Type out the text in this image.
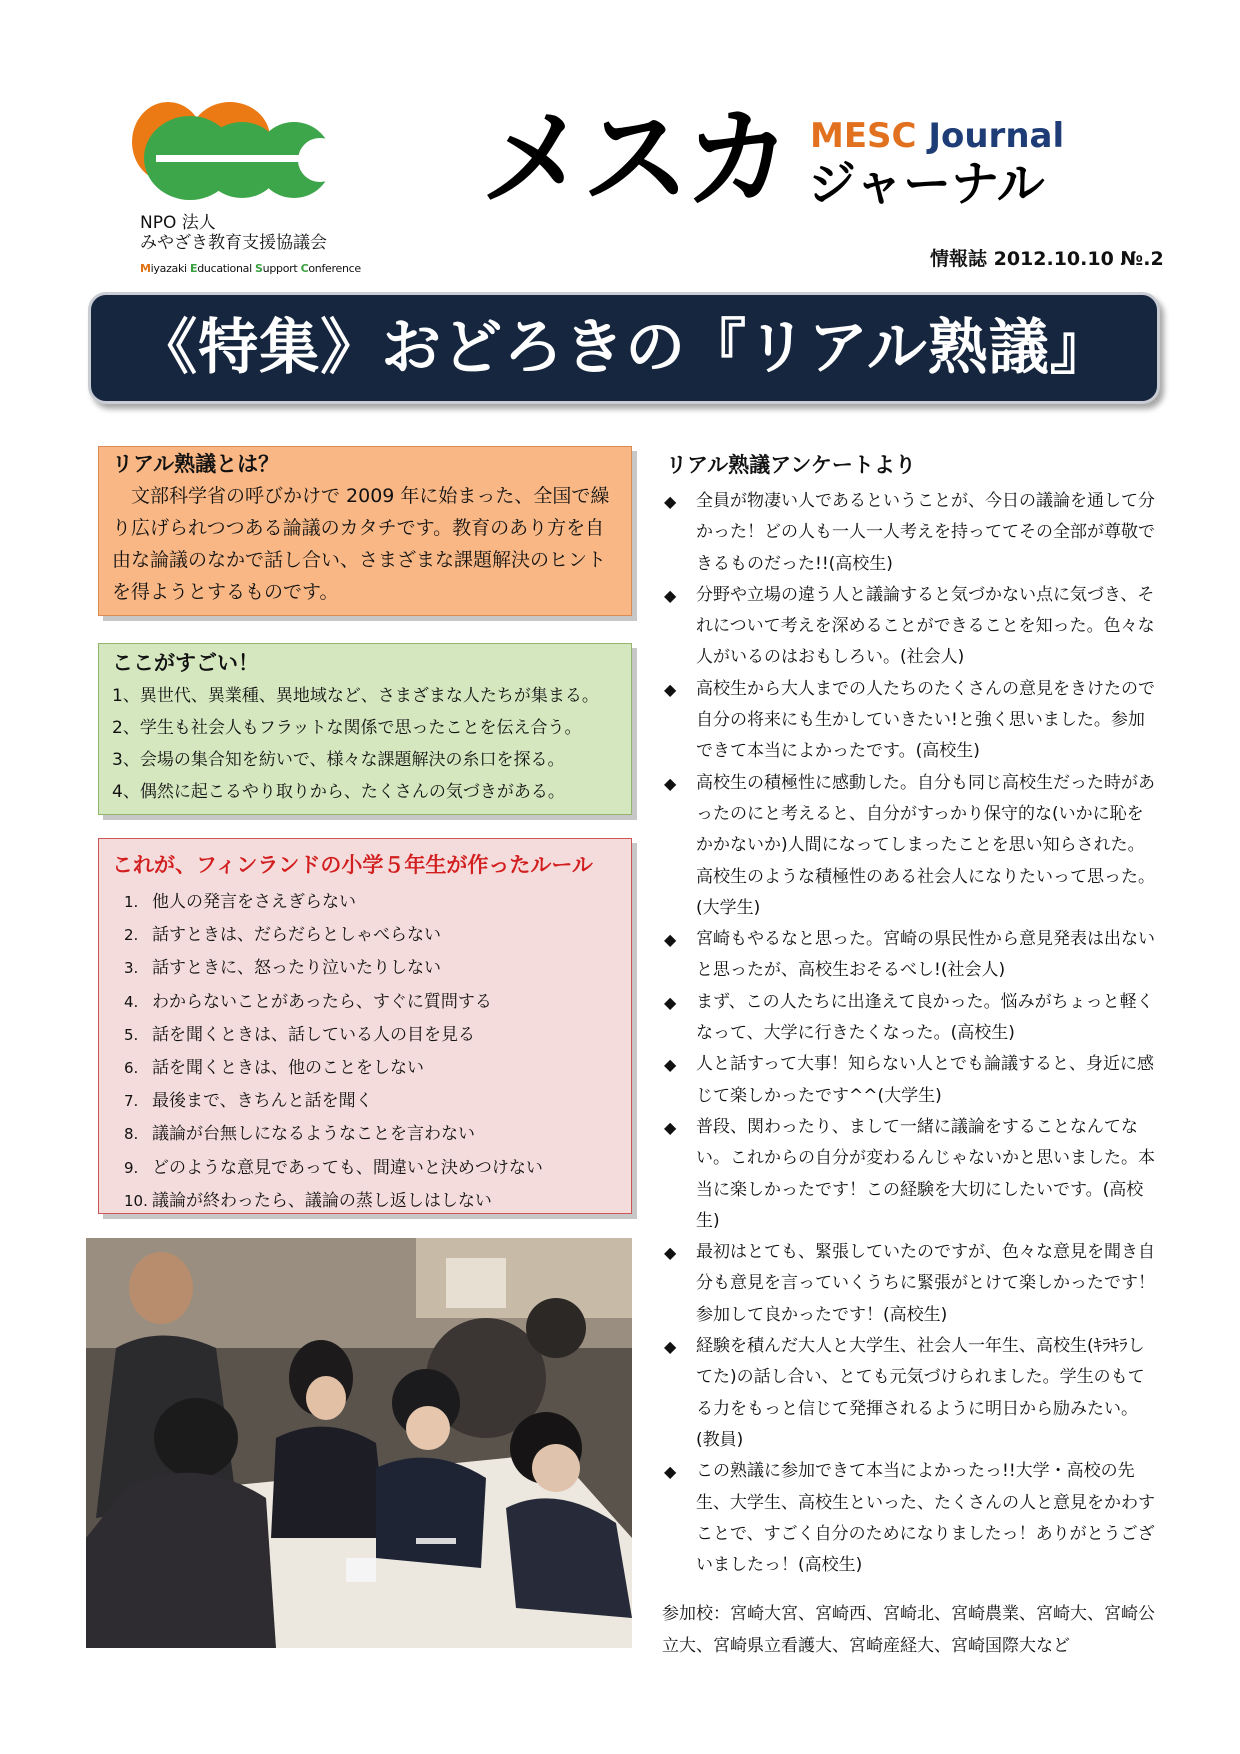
NPO 法人
みやざき教育支援協議会
Miyazaki Educational Support Conference
メスカ MESC Journal
ジャーナル
情報誌 2012.10.10 №.2
《特集》おどろきの『リアル熟議』

リアル熟議とは？

　文部科学省の呼びかけで 2009 年に始まった、全国で繰り広げられつつある論議のカタチです。教育のあり方を自由な論議のなかで話し合い、さまざまな課題解決のヒントを得ようとするものです。

ここがすごい！

1、異世代、異業種、異地域など、さまざまな人たちが集まる。
2、学生も社会人もフラットな関係で思ったことを伝え合う。
3、会場の集合知を紡いで、様々な課題解決の糸口を探る。
4、偶然に起こるやり取りから、たくさんの気づきがある。

これが、フィンランドの小学５年生が作ったルール

1. 他人の発言をさえぎらない
2. 話すときは、だらだらとしゃべらない
3. 話すときに、怒ったり泣いたりしない
4. わからないことがあったら、すぐに質問する
5. 話を聞くときは、話している人の目を見る
6. 話を聞くときは、他のことをしない
7. 最後まで、きちんと話を聞く
8. 議論が台無しになるようなことを言わない
9. どのような意見であっても、間違いと決めつけない
10. 議論が終わったら、議論の蒸し返しはしない

リアル熟議アンケートより

◆ 全員が物凄い人であるということが、今日の議論を通して分かった！どの人も一人一人考えを持っててその全部が尊敬できるものだった!!(高校生)
◆ 分野や立場の違う人と議論すると気づかない点に気づき、それについて考えを深めることができることを知った。色々な人がいるのはおもしろい。(社会人)
◆ 高校生から大人までの人たちのたくさんの意見をきけたので自分の将来にも生かしていきたい!と強く思いました。参加できて本当によかったです。(高校生)
◆ 高校生の積極性に感動した。自分も同じ高校生だった時があったのにと考えると、自分がすっかり保守的な(いかに恥をかかないか)人間になってしまったことを思い知らされた。高校生のような積極性のある社会人になりたいって思った。(大学生)
◆ 宮崎もやるなと思った。宮崎の県民性から意見発表は出ないと思ったが、高校生おそるべし!(社会人)
◆ まず、この人たちに出逢えて良かった。悩みがちょっと軽くなって、大学に行きたくなった。(高校生)
◆ 人と話すって大事！知らない人とでも論議すると、身近に感じて楽しかったです^^(大学生)
◆ 普段、関わったり、まして一緒に議論をすることなんてない。これからの自分が変わるんじゃないかと思いました。本当に楽しかったです！この経験を大切にしたいです。(高校生)
◆ 最初はとても、緊張していたのですが、色々な意見を聞き自分も意見を言っていくうちに緊張がとけて楽しかったです！参加して良かったです！(高校生)
◆ 経験を積んだ大人と大学生、社会人一年生、高校生(ｷﾗｷﾗしてた)の話し合い、とても元気づけられました。学生のもてる力をもっと信じて発揮されるように明日から励みたい。(教員)
◆ この熟議に参加できて本当によかったっ!!大学・高校の先生、大学生、高校生といった、たくさんの人と意見をかわすことで、すごく自分のためになりましたっ！ありがとうございましたっ！(高校生)
参加校：宮崎大宮、宮崎西、宮崎北、宮崎農業、宮崎大、宮崎公立大、宮崎県立看護大、宮崎産経大、宮崎国際大など
